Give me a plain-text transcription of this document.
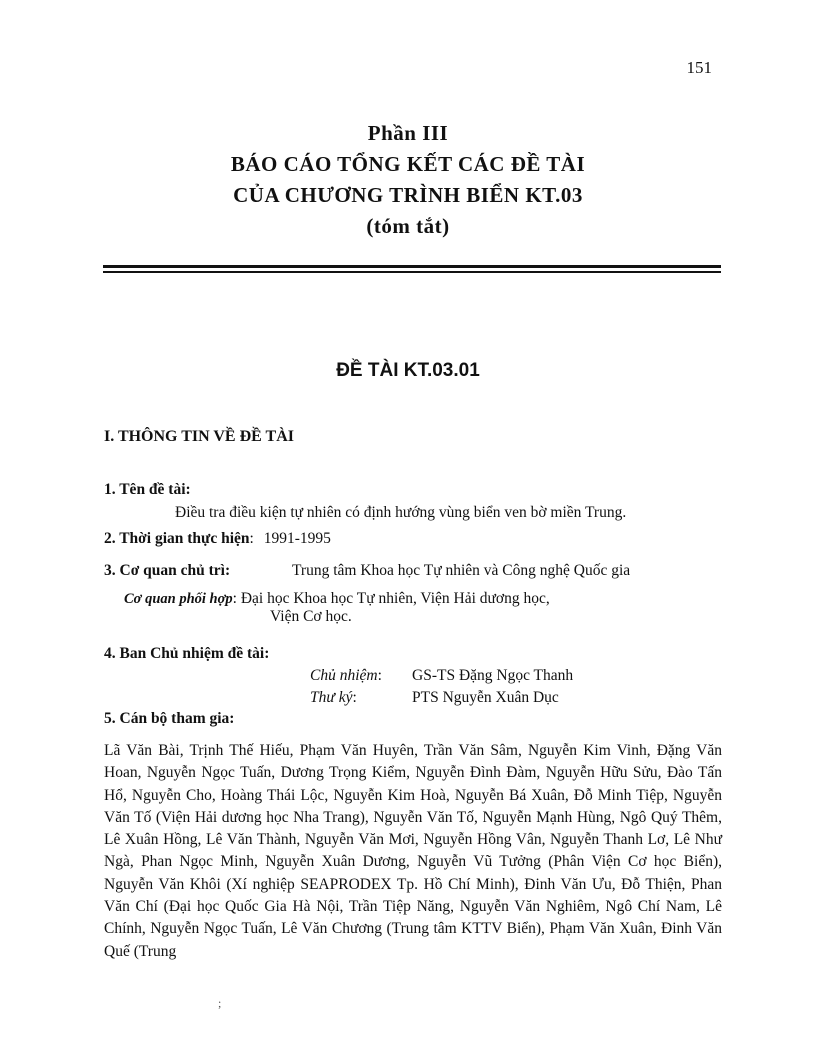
151
Phần III
BÁO CÁO TỔNG KẾT CÁC ĐỀ TÀI
CỦA CHƯƠNG TRÌNH BIỂN KT.03
(tóm tắt)
ĐỀ TÀI KT.03.01
I. THÔNG TIN VỀ ĐỀ TÀI
1. Tên đề tài:
Điều tra điều kiện tự nhiên có định hướng vùng biển ven bờ miền Trung.
2. Thời gian thực hiện: 1991-1995
3. Cơ quan chủ trì:	Trung tâm Khoa học Tự nhiên và Công nghệ Quốc gia
Cơ quan phối hợp: Đại học Khoa học Tự nhiên, Viện Hải dương học,
Viện Cơ học.
4. Ban Chủ nhiệm đề tài:
Chủ nhiệm: GS-TS Đặng Ngọc Thanh
Thư ký:	PTS Nguyễn Xuân Dục
5. Cán bộ tham gia:
Lã Văn Bài, Trịnh Thế Hiếu, Phạm Văn Huyên, Trần Văn Sâm, Nguyễn Kim Vinh, Đặng Văn Hoan, Nguyễn Ngọc Tuấn, Dương Trọng Kiểm, Nguyễn Đình Đàm, Nguyễn Hữu Sửu, Đào Tấn Hổ, Nguyễn Cho, Hoàng Thái Lộc, Nguyễn Kim Hoà, Nguyễn Bá Xuân, Đỗ Minh Tiệp, Nguyễn Văn Tố (Viện Hải dương học Nha Trang), Nguyễn Văn Tố, Nguyễn Mạnh Hùng, Ngô Quý Thêm, Lê Xuân Hồng, Lê Văn Thành, Nguyễn Văn Mơi, Nguyễn Hồng Vân, Nguyễn Thanh Lơ, Lê Như Ngà, Phan Ngọc Minh, Nguyễn Xuân Dương, Nguyễn Vũ Tưởng (Phân Viện Cơ học Biển), Nguyễn Văn Khôi (Xí nghiệp SEAPRODEX Tp. Hồ Chí Minh), Đinh Văn Ưu, Đỗ Thiện, Phan Văn Chí (Đại học Quốc Gia Hà Nội, Trần Tiệp Năng, Nguyễn Văn Nghiêm, Ngô Chí Nam, Lê Chính, Nguyễn Ngọc Tuấn, Lê Văn Chương (Trung tâm KTTV Biển), Phạm Văn Xuân, Đinh Văn Quế (Trung
;
